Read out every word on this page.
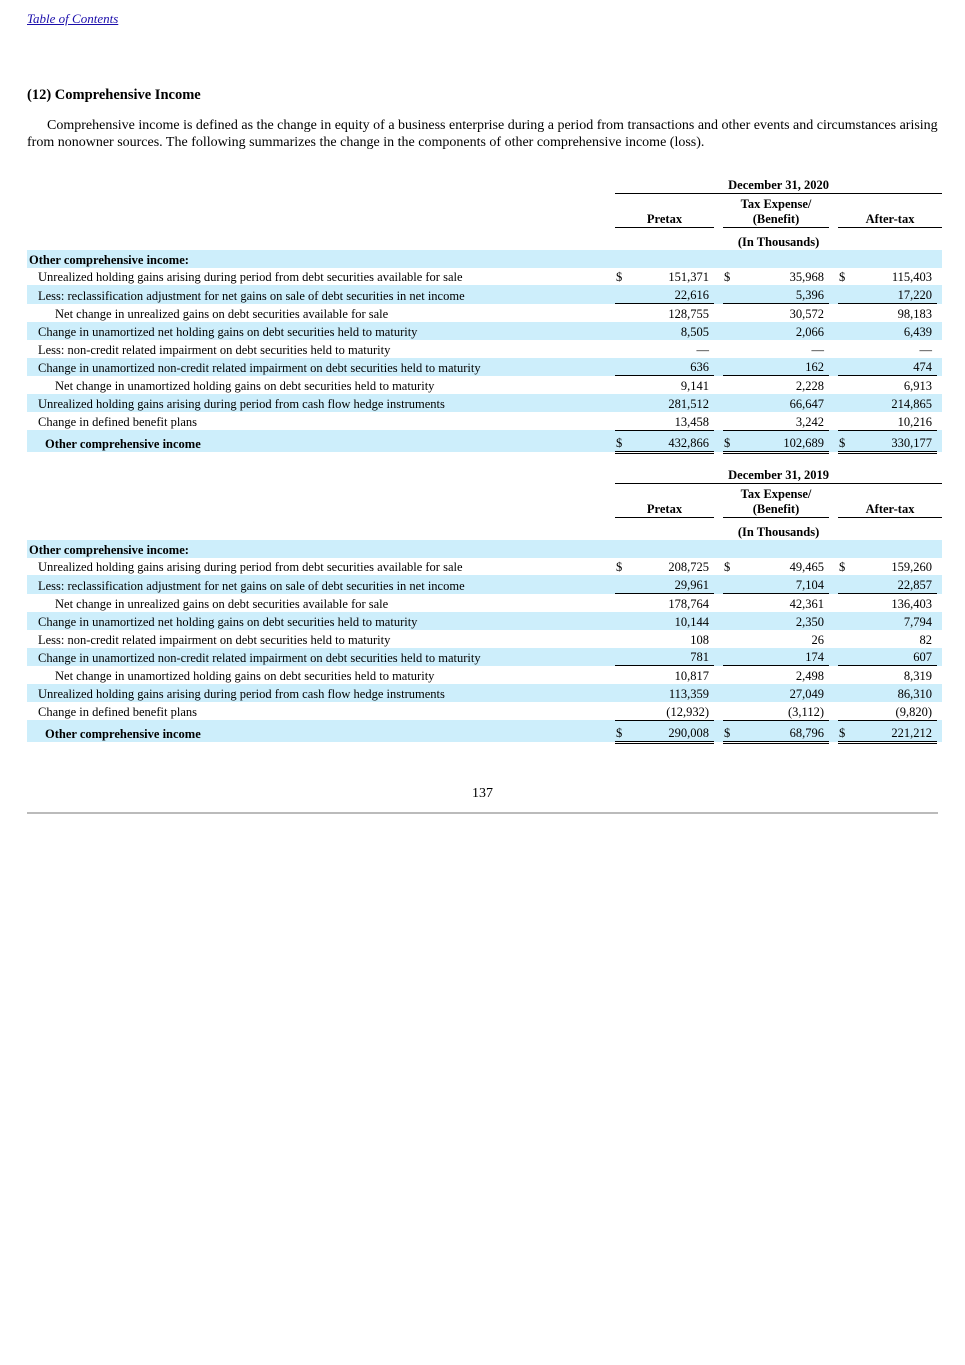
Table of Contents
(12) Comprehensive Income

Comprehensive income is defined as the change in equity of a business enterprise during a period from transactions and other events and circumstances arising from nonowner sources. The following summarizes the change in the components of other comprehensive income (loss).

		December 31, 2020								
		Pretax			Tax Expense/ (Benefit)			After-tax		
		(In Thousands)								
Other comprehensive income:										
Unrealized holding gains arising during period from debt securities available for sale		$	151,371		$	35,968		$	115,403	
Less: reclassification adjustment for net gains on sale of debt securities in net income			22,616			5,396			17,220	
Net change in unrealized gains on debt securities available for sale			128,755			30,572			98,183	
Change in unamortized net holding gains on debt securities held to maturity			8,505			2,066			6,439	
Less: non-credit related impairment on debt securities held to maturity			—			—			—	
Change in unamortized non-credit related impairment on debt securities held to maturity			636			162			474	
Net change in unamortized holding gains on debt securities held to maturity			9,141			2,228			6,913	
Unrealized holding gains arising during period from cash flow hedge instruments			281,512			66,647			214,865	
Change in defined benefit plans			13,458			3,242			10,216	
Other comprehensive income		$	432,866		$	102,689		$	330,177	
		December 31, 2019								
		Pretax			Tax Expense/ (Benefit)			After-tax		
		(In Thousands)								
Other comprehensive income:										
Unrealized holding gains arising during period from debt securities available for sale		$	208,725		$	49,465		$	159,260	
Less: reclassification adjustment for net gains on sale of debt securities in net income			29,961			7,104			22,857	
Net change in unrealized gains on debt securities available for sale			178,764			42,361			136,403	
Change in unamortized net holding gains on debt securities held to maturity			10,144			2,350			7,794	
Less: non-credit related impairment on debt securities held to maturity			108			26			82	
Change in unamortized non-credit related impairment on debt securities held to maturity			781			174			607	
Net change in unamortized holding gains on debt securities held to maturity			10,817			2,498			8,319	
Unrealized holding gains arising during period from cash flow hedge instruments			113,359			27,049			86,310	
Change in defined benefit plans			(12,932)			(3,112)			(9,820)	
Other comprehensive income		$	290,008		$	68,796		$	221,212	
137
